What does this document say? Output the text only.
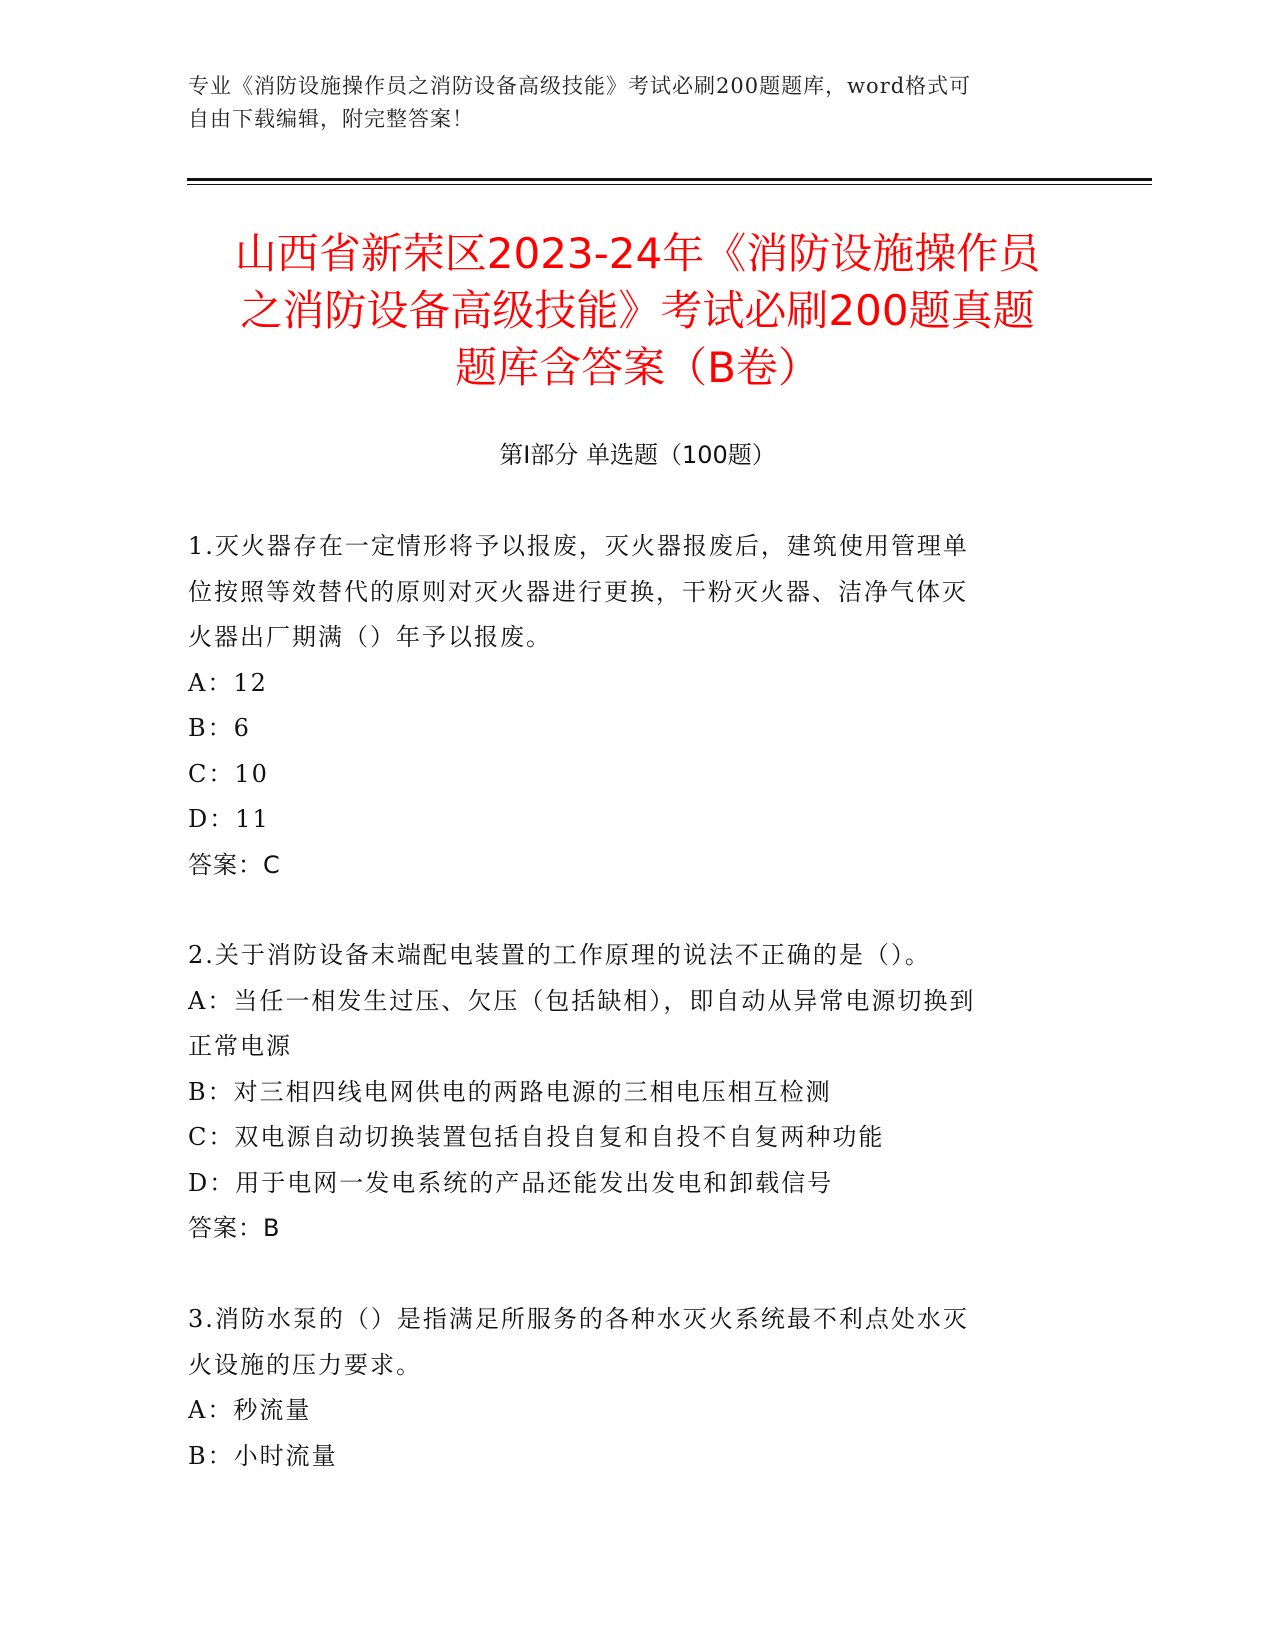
专业《消防设施操作员之消防设备高级技能》考试必刷200题题库，word格式可
自由下载编辑，附完整答案！
山西省新荣区2023-24年《消防设施操作员
之消防设备高级技能》考试必刷200题真题
题库含答案（B卷）
第Ⅰ部分 单选题（100题）
1.灭火器存在一定情形将予以报废，灭火器报废后，建筑使用管理单
位按照等效替代的原则对灭火器进行更换，干粉灭火器、洁净气体灭
火器出厂期满（）年予以报废。
A：12
B：6
C：10
D：11
答案：C
2.关于消防设备末端配电装置的工作原理的说法不正确的是（）。
A：当任一相发生过压、欠压（包括缺相），即自动从异常电源切换到
正常电源
B：对三相四线电网供电的两路电源的三相电压相互检测
C：双电源自动切换装置包括自投自复和自投不自复两种功能
D：用于电网一发电系统的产品还能发出发电和卸载信号
答案：B
3.消防水泵的（）是指满足所服务的各种水灭火系统最不利点处水灭
火设施的压力要求。
A：秒流量
B：小时流量
